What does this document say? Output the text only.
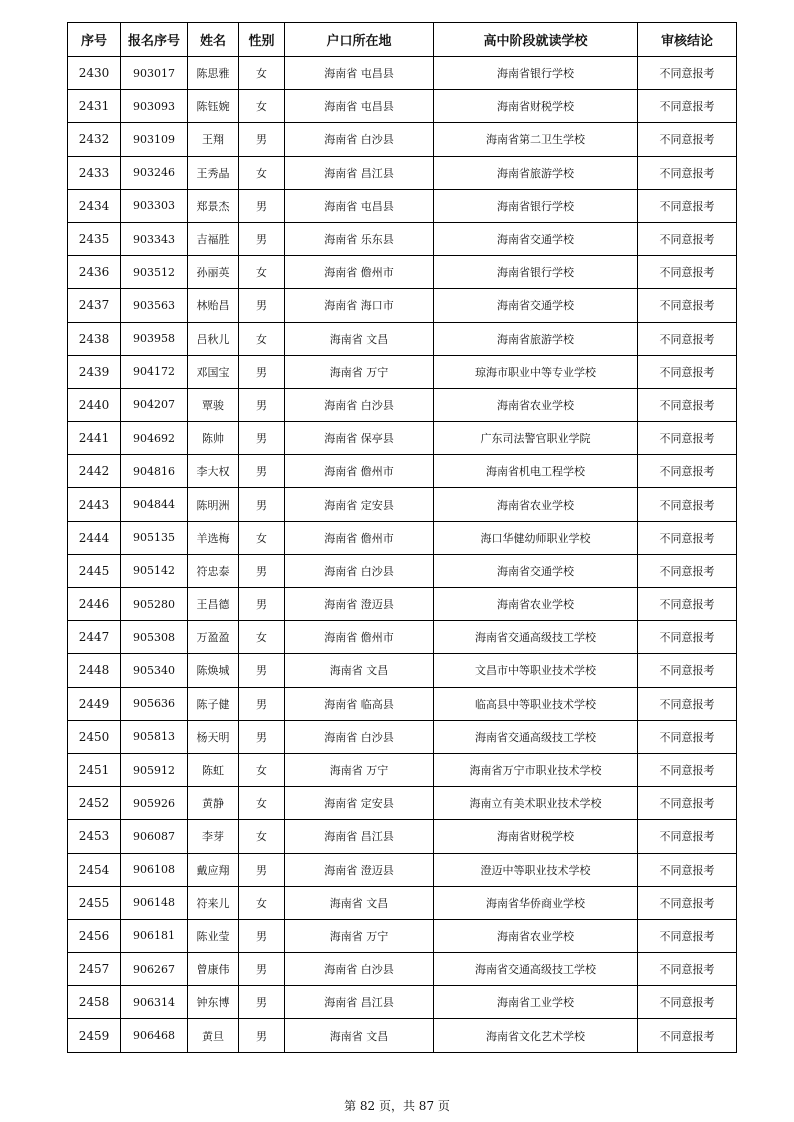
序号	报名序号	姓名	性别	户口所在地	高中阶段就读学校	审核结论
2430	903017	陈思雅	女	海南省 屯昌县	海南省银行学校	不同意报考
2431	903093	陈钰婉	女	海南省 屯昌县	海南省财税学校	不同意报考
2432	903109	王翔	男	海南省 白沙县	海南省第二卫生学校	不同意报考
2433	903246	王秀晶	女	海南省 昌江县	海南省旅游学校	不同意报考
2434	903303	郑景杰	男	海南省 屯昌县	海南省银行学校	不同意报考
2435	903343	吉福胜	男	海南省 乐东县	海南省交通学校	不同意报考
2436	903512	孙丽英	女	海南省 儋州市	海南省银行学校	不同意报考
2437	903563	林贻昌	男	海南省 海口市	海南省交通学校	不同意报考
2438	903958	吕秋儿	女	海南省 文昌	海南省旅游学校	不同意报考
2439	904172	邓国宝	男	海南省 万宁	琼海市职业中等专业学校	不同意报考
2440	904207	覃骏	男	海南省 白沙县	海南省农业学校	不同意报考
2441	904692	陈帅	男	海南省 保亭县	广东司法警官职业学院	不同意报考
2442	904816	李大权	男	海南省 儋州市	海南省机电工程学校	不同意报考
2443	904844	陈明洲	男	海南省 定安县	海南省农业学校	不同意报考
2444	905135	羊选梅	女	海南省 儋州市	海口华健幼师职业学校	不同意报考
2445	905142	符忠泰	男	海南省 白沙县	海南省交通学校	不同意报考
2446	905280	王昌德	男	海南省 澄迈县	海南省农业学校	不同意报考
2447	905308	万盈盈	女	海南省 儋州市	海南省交通高级技工学校	不同意报考
2448	905340	陈焕城	男	海南省 文昌	文昌市中等职业技术学校	不同意报考
2449	905636	陈子健	男	海南省 临高县	临高县中等职业技术学校	不同意报考
2450	905813	杨天明	男	海南省 白沙县	海南省交通高级技工学校	不同意报考
2451	905912	陈虹	女	海南省 万宁	海南省万宁市职业技术学校	不同意报考
2452	905926	黄静	女	海南省 定安县	海南立有美术职业技术学校	不同意报考
2453	906087	李芽	女	海南省 昌江县	海南省财税学校	不同意报考
2454	906108	戴应翔	男	海南省 澄迈县	澄迈中等职业技术学校	不同意报考
2455	906148	符来儿	女	海南省 文昌	海南省华侨商业学校	不同意报考
2456	906181	陈业莹	男	海南省 万宁	海南省农业学校	不同意报考
2457	906267	曾康伟	男	海南省 白沙县	海南省交通高级技工学校	不同意报考
2458	906314	钟东博	男	海南省 昌江县	海南省工业学校	不同意报考
2459	906468	黄旦	男	海南省 文昌	海南省文化艺术学校	不同意报考
第 82 页，共 87 页
